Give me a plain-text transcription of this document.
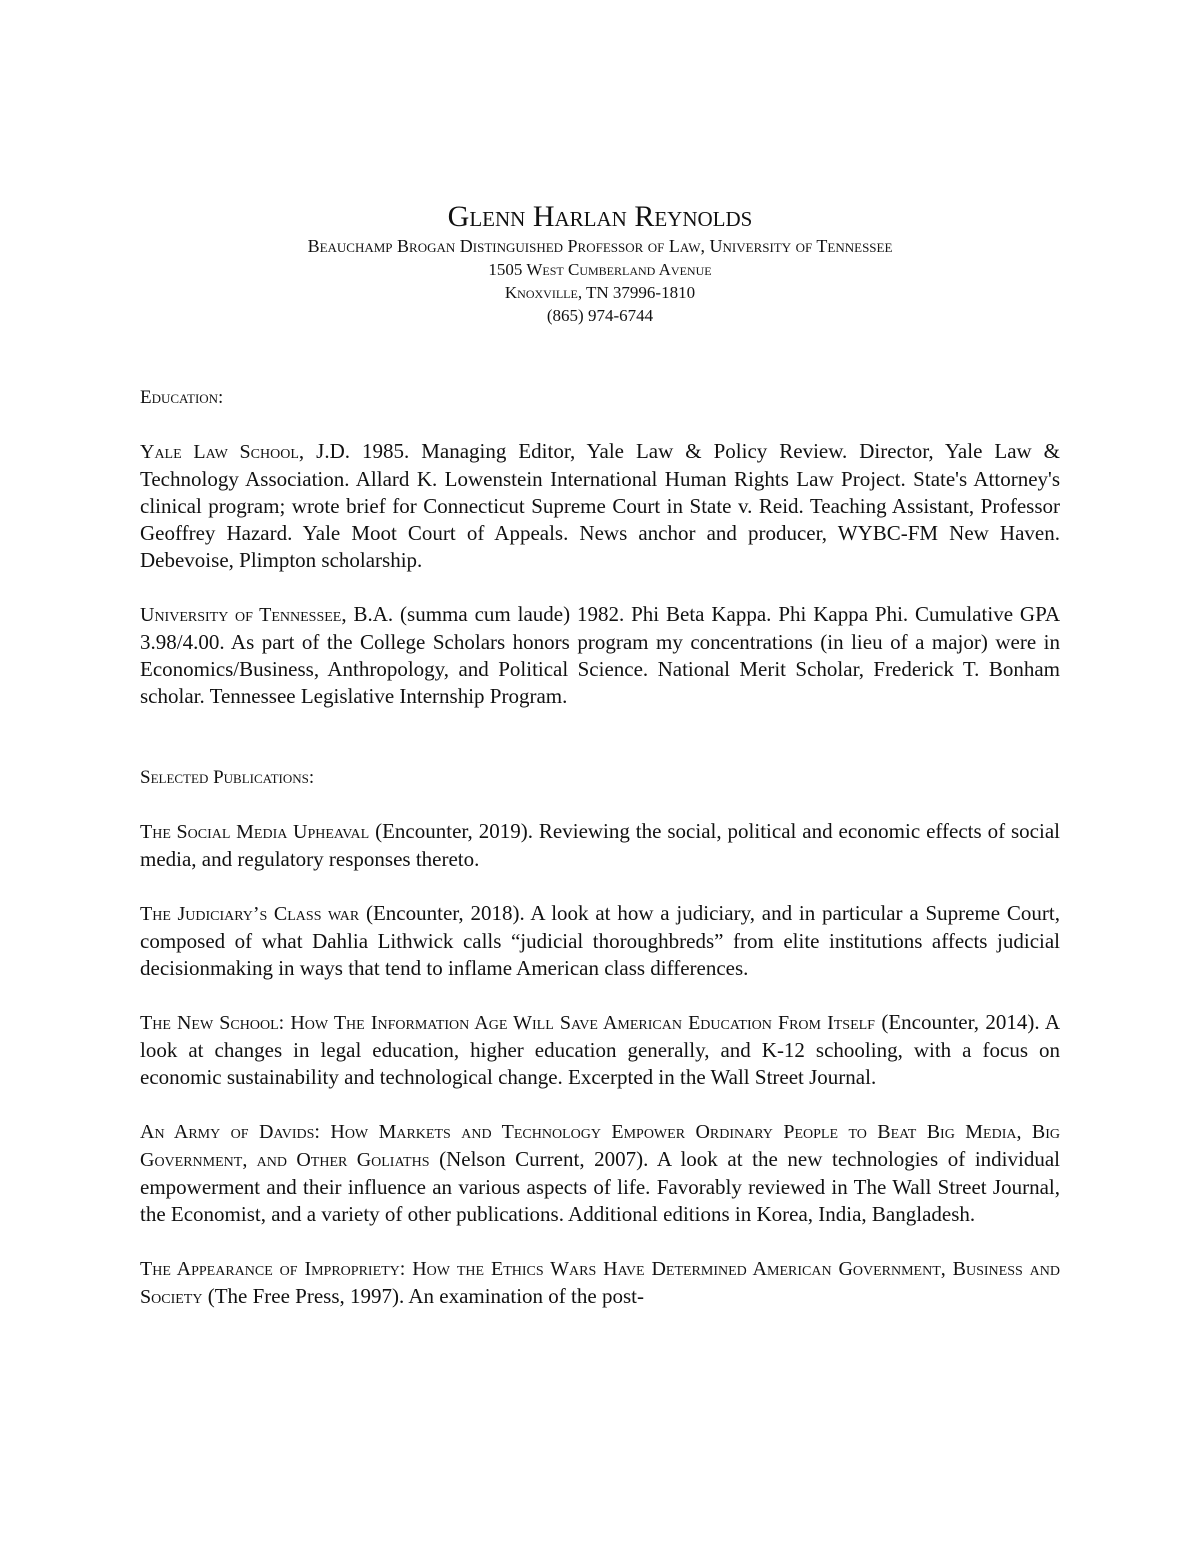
Glenn Harlan Reynolds
Beauchamp Brogan Distinguished Professor of Law, University of Tennessee
1505 West Cumberland Avenue
Knoxville, TN 37996-1810
(865) 974-6744
Education:

Yale Law School, J.D. 1985. Managing Editor, Yale Law & Policy Review. Director, Yale Law & Technology Association. Allard K. Lowenstein International Human Rights Law Project. State's Attorney's clinical program; wrote brief for Connecticut Supreme Court in State v. Reid. Teaching Assistant, Professor Geoffrey Hazard. Yale Moot Court of Appeals. News anchor and producer, WYBC-FM New Haven. Debevoise, Plimpton scholarship.

University of Tennessee, B.A. (summa cum laude) 1982. Phi Beta Kappa. Phi Kappa Phi. Cumulative GPA 3.98/4.00. As part of the College Scholars honors program my concentrations (in lieu of a major) were in Economics/Business, Anthropology, and Political Science. National Merit Scholar, Frederick T. Bonham scholar. Tennessee Legislative Internship Program.

Selected Publications:

The Social Media Upheaval (Encounter, 2019). Reviewing the social, political and economic effects of social media, and regulatory responses thereto.

The Judiciary’s Class war (Encounter, 2018). A look at how a judiciary, and in particular a Supreme Court, composed of what Dahlia Lithwick calls “judicial thoroughbreds” from elite institutions affects judicial decisionmaking in ways that tend to inflame American class differences.

The New School: How The Information Age Will Save American Education From Itself (Encounter, 2014). A look at changes in legal education, higher education generally, and K-12 schooling, with a focus on economic sustainability and technological change. Excerpted in the Wall Street Journal.

An Army of Davids: How Markets and Technology Empower Ordinary People to Beat Big Media, Big Government, and Other Goliaths (Nelson Current, 2007). A look at the new technologies of individual empowerment and their influence an various aspects of life. Favorably reviewed in The Wall Street Journal, the Economist, and a variety of other publications. Additional editions in Korea, India, Bangladesh.

The Appearance of Impropriety: How the Ethics Wars Have Determined American Government, Business and Society (The Free Press, 1997). An examination of the post-
